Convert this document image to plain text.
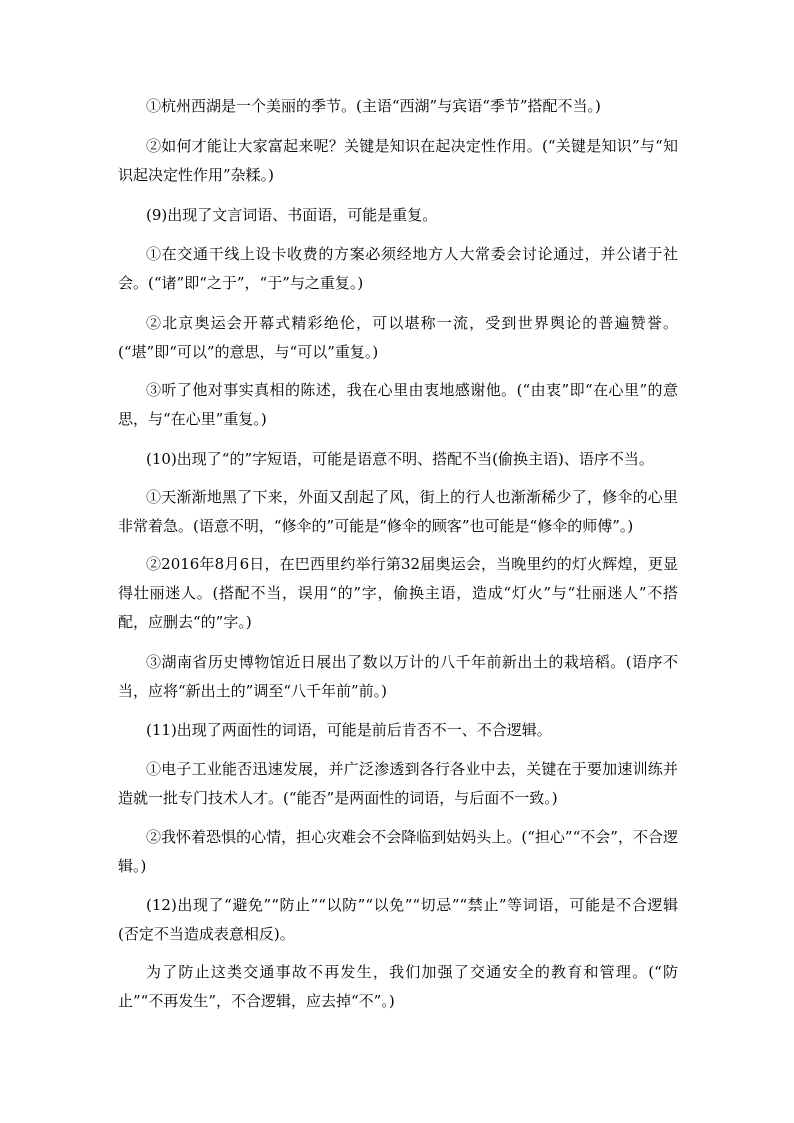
①杭州西湖是一个美丽的季节。(主语“西湖”与宾语“季节”搭配不当。)

②如何才能让大家富起来呢？关键是知识在起决定性作用。(“关键是知识”与“知识起决定性作用”杂糅。)

(9)出现了文言词语、书面语，可能是重复。

①在交通干线上设卡收费的方案必须经地方人大常委会讨论通过，并公诸于社会。(“诸”即“之于”，“于”与之重复。)

②北京奥运会开幕式精彩绝伦，可以堪称一流，受到世界舆论的普遍赞誉。(“堪”即“可以”的意思，与“可以”重复。)

③听了他对事实真相的陈述，我在心里由衷地感谢他。(“由衷”即“在心里”的意思，与“在心里”重复。)

(10)出现了“的”字短语，可能是语意不明、搭配不当(偷换主语)、语序不当。

①天渐渐地黑了下来，外面又刮起了风，街上的行人也渐渐稀少了，修伞的心里非常着急。(语意不明，“修伞的”可能是“修伞的顾客”也可能是“修伞的师傅”。)

②2016年8月6日，在巴西里约举行第32届奥运会，当晚里约的灯火辉煌，更显得壮丽迷人。(搭配不当，误用“的”字，偷换主语，造成“灯火”与“壮丽迷人”不搭配，应删去“的”字。)

③湖南省历史博物馆近日展出了数以万计的八千年前新出土的栽培稻。(语序不当，应将“新出土的”调至“八千年前”前。)

(11)出现了两面性的词语，可能是前后肯否不一、不合逻辑。

①电子工业能否迅速发展，并广泛渗透到各行各业中去，关键在于要加速训练并造就一批专门技术人才。(“能否”是两面性的词语，与后面不一致。)

②我怀着恐惧的心情，担心灾难会不会降临到姑妈头上。(“担心”“不会”，不合逻辑。)

(12)出现了“避免”“防止”“以防”“以免”“切忌”“禁止”等词语，可能是不合逻辑(否定不当造成表意相反)。

为了防止这类交通事故不再发生，我们加强了交通安全的教育和管理。(“防止”“不再发生”，不合逻辑，应去掉“不”。)
